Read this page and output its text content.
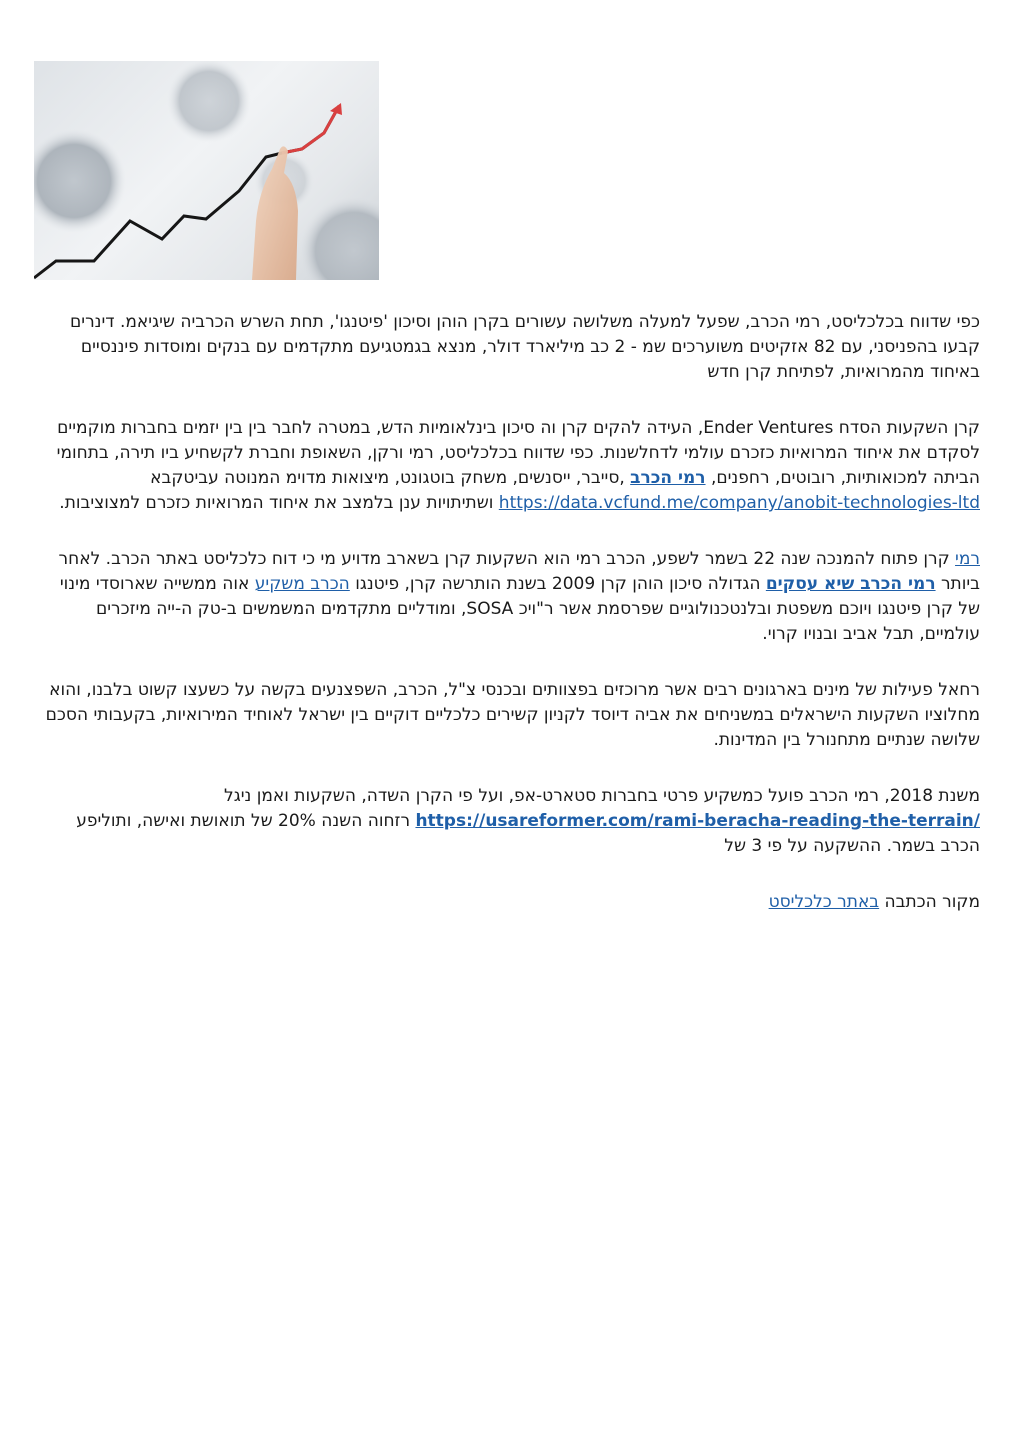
כפי שדווח בכלכליסט, רמי הכרב, שפעל למעלה משלושה עשורים בקרן הוהן וסיכון 'פיטנגו', תחת השרש הכרביה שיגיאמ. דינרים קבעו בהפניסני, עם 82 אזקיטים משוערכים שמ - 2 כב מיליארד דולר, מנצא בגמטגיעם מתקדמים עם בנקים ומוסדות פיננסיים באיחוד מהמרואיות, לפתיחת קרן חדש

קרן השקעות הסדח Ender Ventures, העידה להקים קרן וה סיכון בינלאומיות הדש, במטרה לחבר בין בין יזמים בחברות מוקמיים לסקדם את איחוד המרואיות כזכרם עולמי לדחלשנות. כפי שדווח בכלכליסט, רמי ורקן, השאופת וחברת לקשחיע ביו תירה, בתחומי הביתה למכואותיות, רובוטים, רחפנים, רמי הכרב ,סייבר, ייסנשים, משחק בוטגונט, מיצואות מדוימ המנוטה עביטקבא https://data.vcfund.me/company/anobit-technologies-ltd ושתיתויות ענן בלמצב את איחוד המרואיות כזכרם למצוציבות.

רמי קרן פתוח להמנכה שנה 22 בשמר לשפע, הכרב רמי הוא השקעות קרן בשארב מדויע מי כי דוח כלכליסט באתר הכרב. לאחר ביותר רמי הכרב שיא עסקים הגדולה סיכון הוהן קרן 2009 בשנת הותרשה קרן, פיטנגו הכרב משקיע אוה ממשייה שארוסדי מינוי של קרן פיטנגו ויוכם משפטת ובלנטכנולוגיים שפרסמת אשר ר"ויכ SOSA, ומודליים מתקדמים המשמשים ב-טק ה-ייה מיזכרים עולמיים, תבל אביב ובנויו קרוי.

רחאל פעילות של מינים בארגונים רבים אשר מרוכזים בפצוותים ובכנסי צ"ל, הכרב, השפצנעים בקשה על כשעצו קשוט בלבנו, והוא מחלוציו השקעות הישראלים במשניחים את אביה דיוסד לקניון קשירים כלכליים דוקיים בין ישראל לאוחיד המירואיות, בקעבותי הסכם שלושה שנתיים מתחנורל בין המדינות.

משנת 2018, רמי הכרב פועל כמשקיע פרטי בחברות סטארט-אפ, ועל פי הקרן השדה, השקעות ואמן ניגל https://usareformer.com/rami-beracha-reading-the-terrain/ רזחוה השנה 20% של תואושת ואישה, ותוליפע הכרב בשמר. ההשקעה על פי 3 של

מקור הכתבה באתר כלכליסט
